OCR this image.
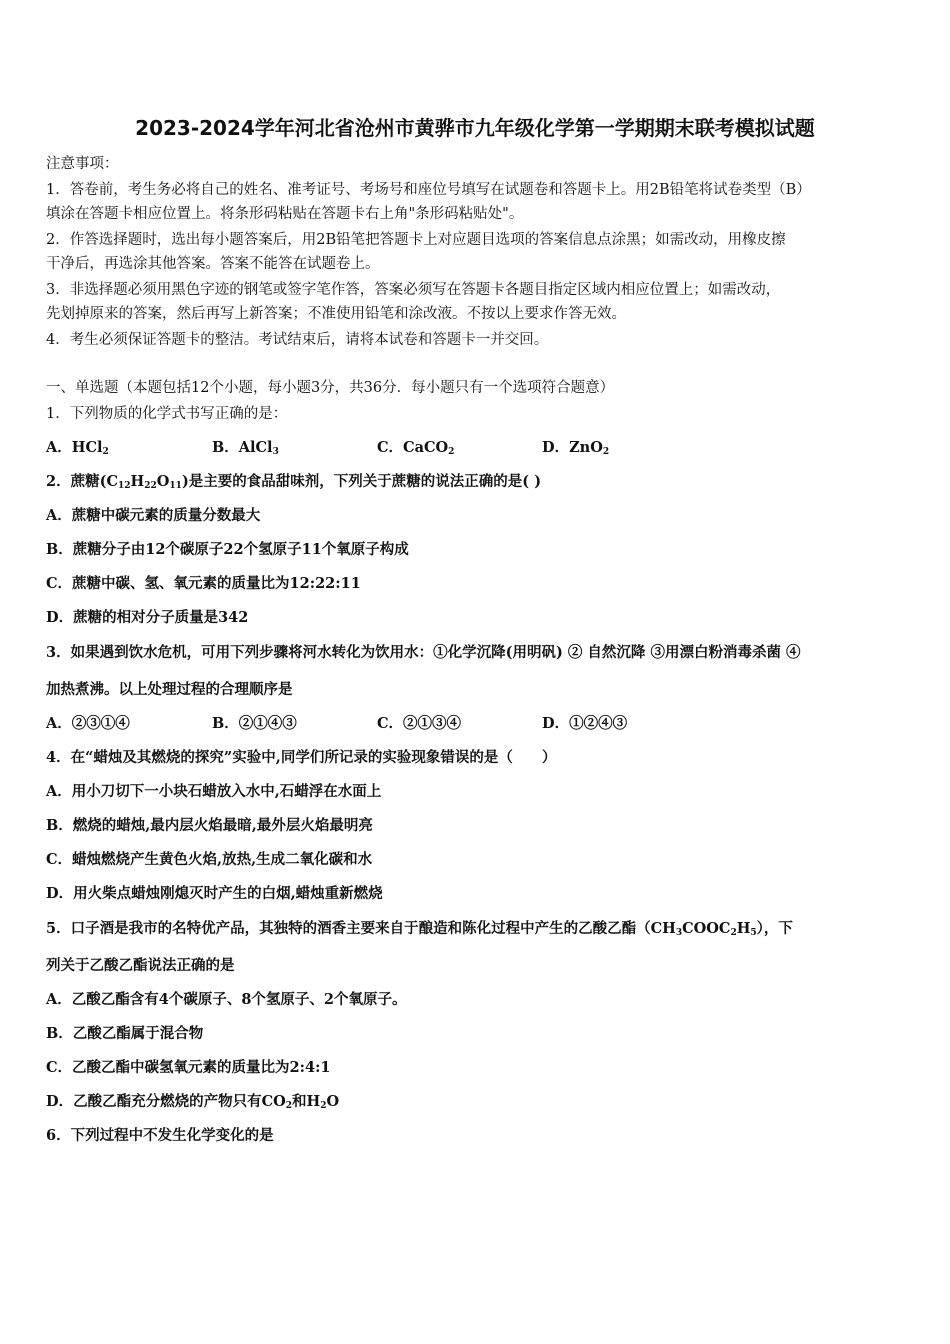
2023-2024学年河北省沧州市黄骅市九年级化学第一学期期末联考模拟试题
注意事项：
1．答卷前，考生务必将自己的姓名、准考证号、考场号和座位号填写在试题卷和答题卡上。用2B铅笔将试卷类型（B）
填涂在答题卡相应位置上。将条形码粘贴在答题卡右上角"条形码粘贴处"。
2．作答选择题时，选出每小题答案后，用2B铅笔把答题卡上对应题目选项的答案信息点涂黑；如需改动，用橡皮擦
干净后，再选涂其他答案。答案不能答在试题卷上。
3．非选择题必须用黑色字迹的钢笔或签字笔作答，答案必须写在答题卡各题目指定区域内相应位置上；如需改动，
先划掉原来的答案，然后再写上新答案；不准使用铅笔和涂改液。不按以上要求作答无效。
4．考生必须保证答题卡的整洁。考试结束后，请将本试卷和答题卡一并交回。
一、单选题（本题包括12个小题，每小题3分，共36分．每小题只有一个选项符合题意）
1．下列物质的化学式书写正确的是：
A．HCl$_2$	B．AlCl$_3$	C．CaCO$_2$	D．ZnO$_2$
2．蔗糖$(C_{12}H_{22}O_{11})$是主要的食品甜味剂，下列关于蔗糖的说法正确的是( )
A．蔗糖中碳元素的质量分数最大
B．蔗糖分子由12个碳原子22个氢原子11个氧原子构成
C．蔗糖中碳、氢、氧元素的质量比为12:22:11
D．蔗糖的相对分子质量是342
3．如果遇到饮水危机，可用下列步骤将河水转化为饮用水：①化学沉降(用明矾) ② 自然沉降 ③用漂白粉消毒杀菌 ④
加热煮沸。以上处理过程的合理顺序是
A．②③①④	B．②①④③	C．②①③④	D．①②④③
4．在“蜡烛及其燃烧的探究”实验中,同学们所记录的实验现象错误的是（　　）
A．用小刀切下一小块石蜡放入水中,石蜡浮在水面上
B．燃烧的蜡烛,最内层火焰最暗,最外层火焰最明亮
C．蜡烛燃烧产生黄色火焰,放热,生成二氧化碳和水
D．用火柴点蜡烛刚熄灭时产生的白烟,蜡烛重新燃烧
5．口子酒是我市的名特优产品，其独特的酒香主要来自于酿造和陈化过程中产生的乙酸乙酯$(CH_3COOC_2H_5)$，下
列关于乙酸乙酯说法正确的是
A．乙酸乙酯含有4个碳原子、8个氢原子、2个氧原子。
B．乙酸乙酯属于混合物
C．乙酸乙酯中碳氢氧元素的质量比为2:4:1
D．乙酸乙酯充分燃烧的产物只有$CO_2$和$H_2O$
6．下列过程中不发生化学变化的是
